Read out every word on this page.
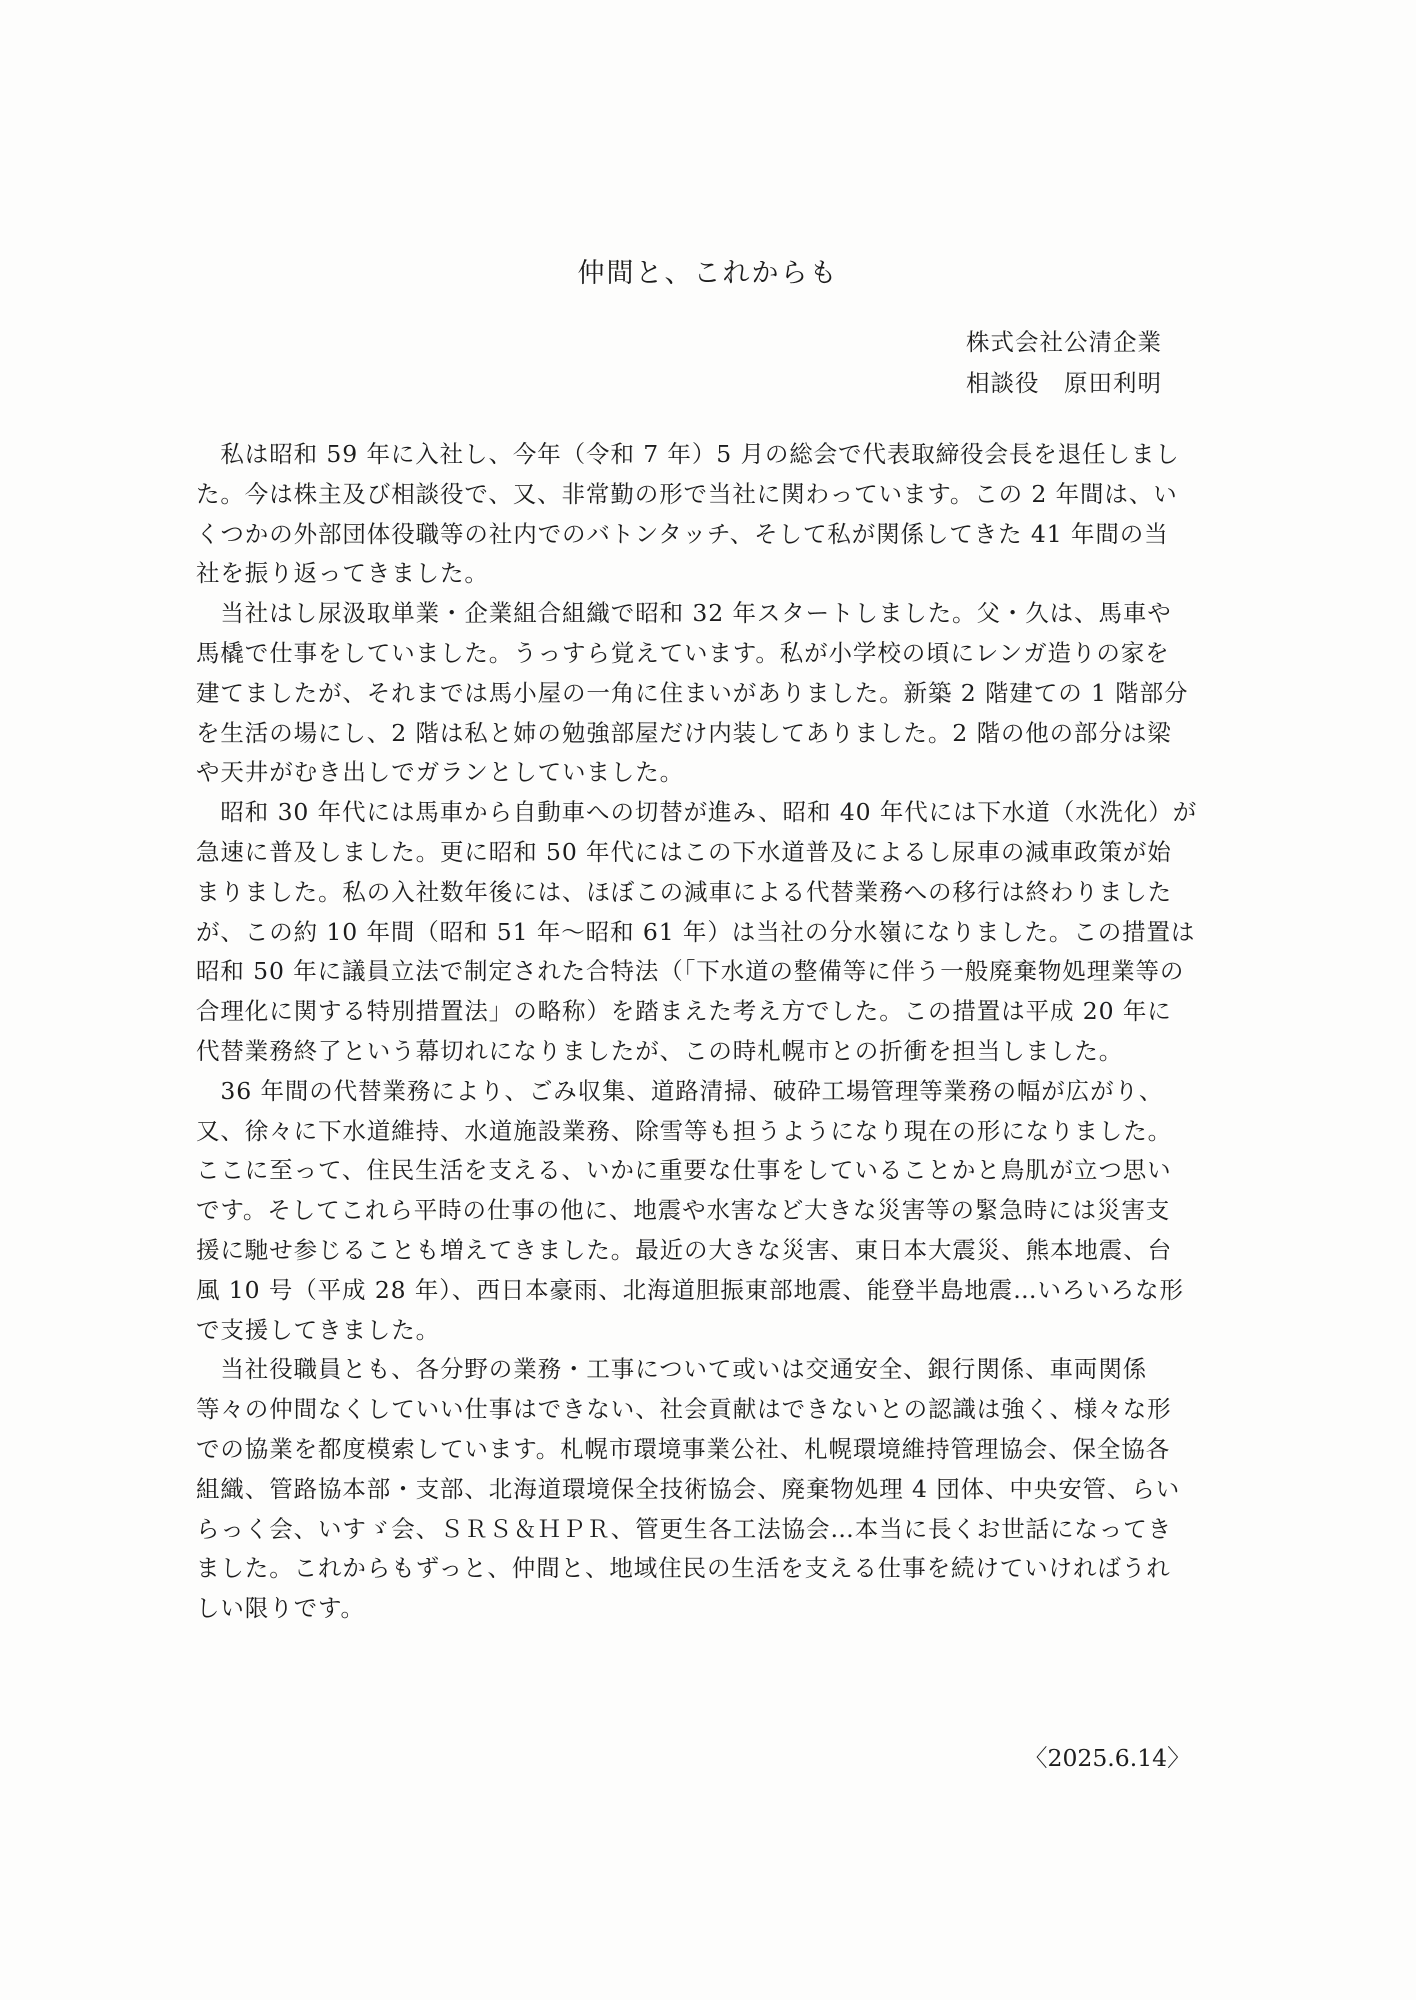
仲間と、これからも
株式会社公清企業
相談役　原田利明
　私は昭和 59 年に入社し、今年（令和 7 年）5 月の総会で代表取締役会長を退任しまし
た。今は株主及び相談役で、又、非常勤の形で当社に関わっています。この 2 年間は、い
くつかの外部団体役職等の社内でのバトンタッチ、そして私が関係してきた 41 年間の当
社を振り返ってきました。
　当社はし尿汲取単業・企業組合組織で昭和 32 年スタートしました。父・久は、馬車や
馬橇で仕事をしていました。うっすら覚えています。私が小学校の頃にレンガ造りの家を
建てましたが、それまでは馬小屋の一角に住まいがありました。新築 2 階建ての 1 階部分
を生活の場にし、2 階は私と姉の勉強部屋だけ内装してありました。2 階の他の部分は梁
や天井がむき出しでガランとしていました。
　昭和 30 年代には馬車から自動車への切替が進み、昭和 40 年代には下水道（水洗化）が
急速に普及しました。更に昭和 50 年代にはこの下水道普及によるし尿車の減車政策が始
まりました。私の入社数年後には、ほぼこの減車による代替業務への移行は終わりました
が、この約 10 年間（昭和 51 年～昭和 61 年）は当社の分水嶺になりました。この措置は
昭和 50 年に議員立法で制定された合特法（「下水道の整備等に伴う一般廃棄物処理業等の
合理化に関する特別措置法」の略称）を踏まえた考え方でした。この措置は平成 20 年に
代替業務終了という幕切れになりましたが、この時札幌市との折衝を担当しました。
　36 年間の代替業務により、ごみ収集、道路清掃、破砕工場管理等業務の幅が広がり、
又、徐々に下水道維持、水道施設業務、除雪等も担うようになり現在の形になりました。
ここに至って、住民生活を支える、いかに重要な仕事をしていることかと鳥肌が立つ思い
です。そしてこれら平時の仕事の他に、地震や水害など大きな災害等の緊急時には災害支
援に馳せ参じることも増えてきました。最近の大きな災害、東日本大震災、熊本地震、台
風 10 号（平成 28 年）、西日本豪雨、北海道胆振東部地震、能登半島地震…いろいろな形
で支援してきました。
　当社役職員とも、各分野の業務・工事について或いは交通安全、銀行関係、車両関係
等々の仲間なくしていい仕事はできない、社会貢献はできないとの認識は強く、様々な形
での協業を都度模索しています。札幌市環境事業公社、札幌環境維持管理協会、保全協各
組織、管路協本部・支部、北海道環境保全技術協会、廃棄物処理 4 団体、中央安管、らい
らっく会、いすゞ会、ＳＲＳ＆ＨＰＲ、管更生各工法協会…本当に長くお世話になってき
ました。これからもずっと、仲間と、地域住民の生活を支える仕事を続けていければうれ
しい限りです。
〈2025.6.14〉
